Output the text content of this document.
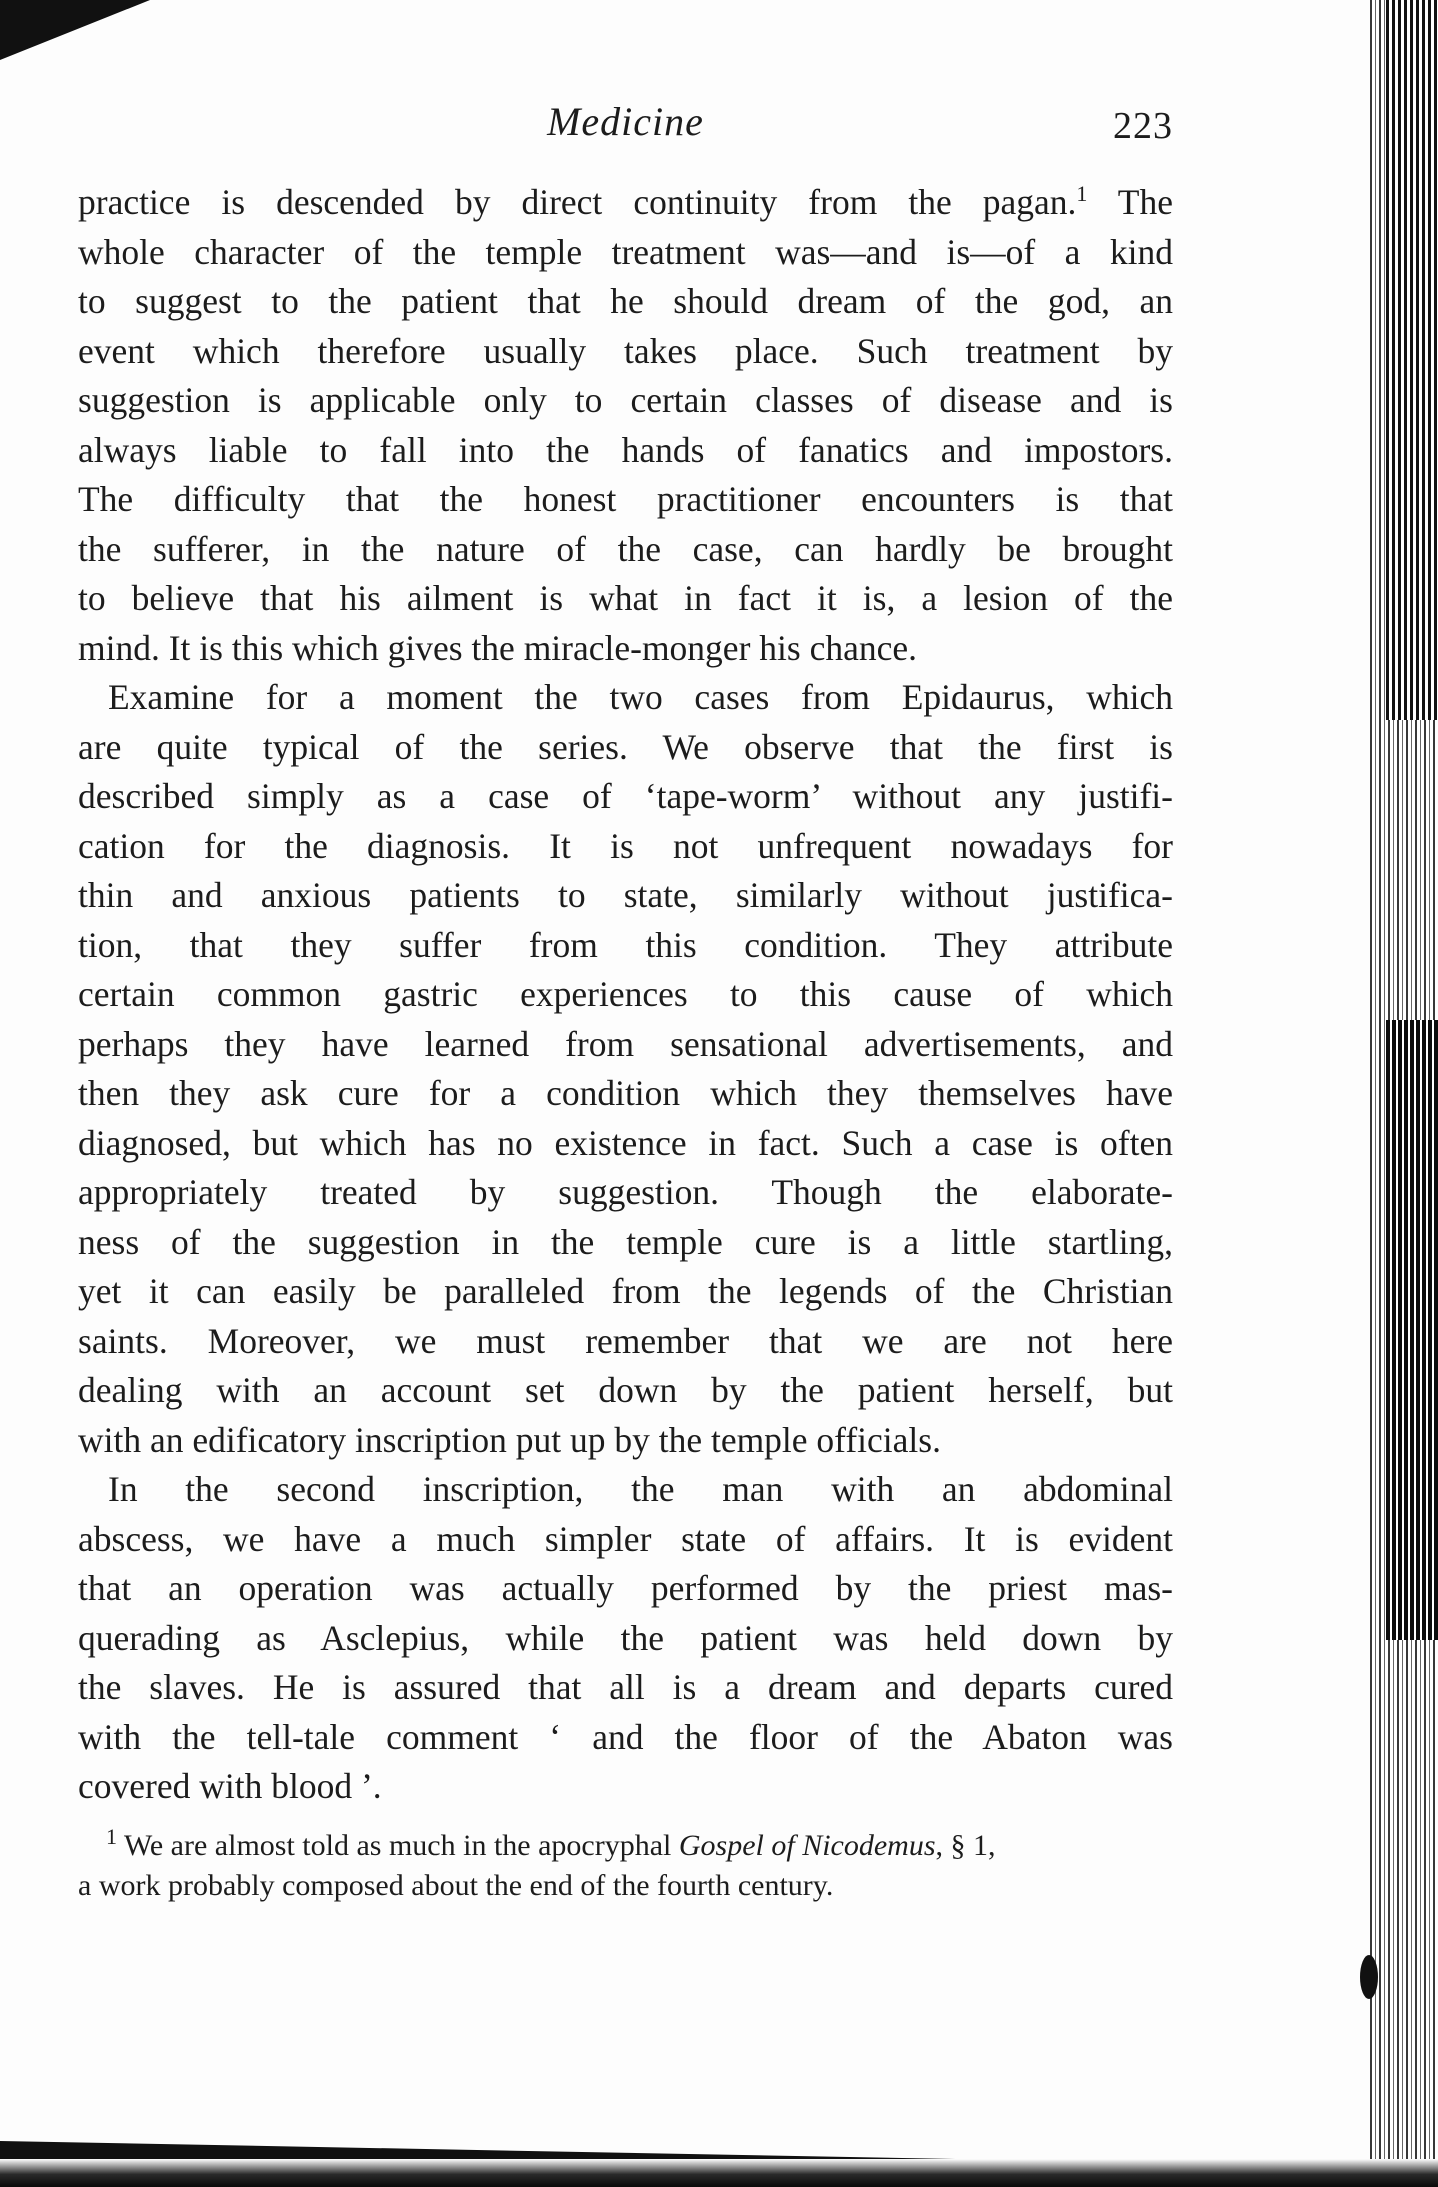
Medicine	223

practice is descended by direct continuity from the pagan.$^1$ The
whole character of the temple treatment was—and is—of a kind
to suggest to the patient that he should dream of the god, an
event which therefore usually takes place. Such treatment by
suggestion is applicable only to certain classes of disease and is
always liable to fall into the hands of fanatics and impostors.
The difficulty that the honest practitioner encounters is that
the sufferer, in the nature of the case, can hardly be brought
to believe that his ailment is what in fact it is, a lesion of the
mind. It is this which gives the miracle-monger his chance.

Examine for a moment the two cases from Epidaurus, which
are quite typical of the series. We observe that the first is
described simply as a case of ‘tape-worm’ without any justifi-
cation for the diagnosis. It is not unfrequent nowadays for
thin and anxious patients to state, similarly without justifica-
tion, that they suffer from this condition. They attribute
certain common gastric experiences to this cause of which
perhaps they have learned from sensational advertisements, and
then they ask cure for a condition which they themselves have
diagnosed, but which has no existence in fact. Such a case is often
appropriately treated by suggestion. Though the elaborate-
ness of the suggestion in the temple cure is a little startling,
yet it can easily be paralleled from the legends of the Christian
saints. Moreover, we must remember that we are not here
dealing with an account set down by the patient herself, but
with an edificatory inscription put up by the temple officials.

In the second inscription, the man with an abdominal
abscess, we have a much simpler state of affairs. It is evident
that an operation was actually performed by the priest mas-
querading as Asclepius, while the patient was held down by
the slaves. He is assured that all is a dream and departs cured
with the tell-tale comment ‘ and the floor of the Abaton was
covered with blood ’.

$^1$ We are almost told as much in the apocryphal Gospel of Nicodemus, § 1,
a work probably composed about the end of the fourth century.
